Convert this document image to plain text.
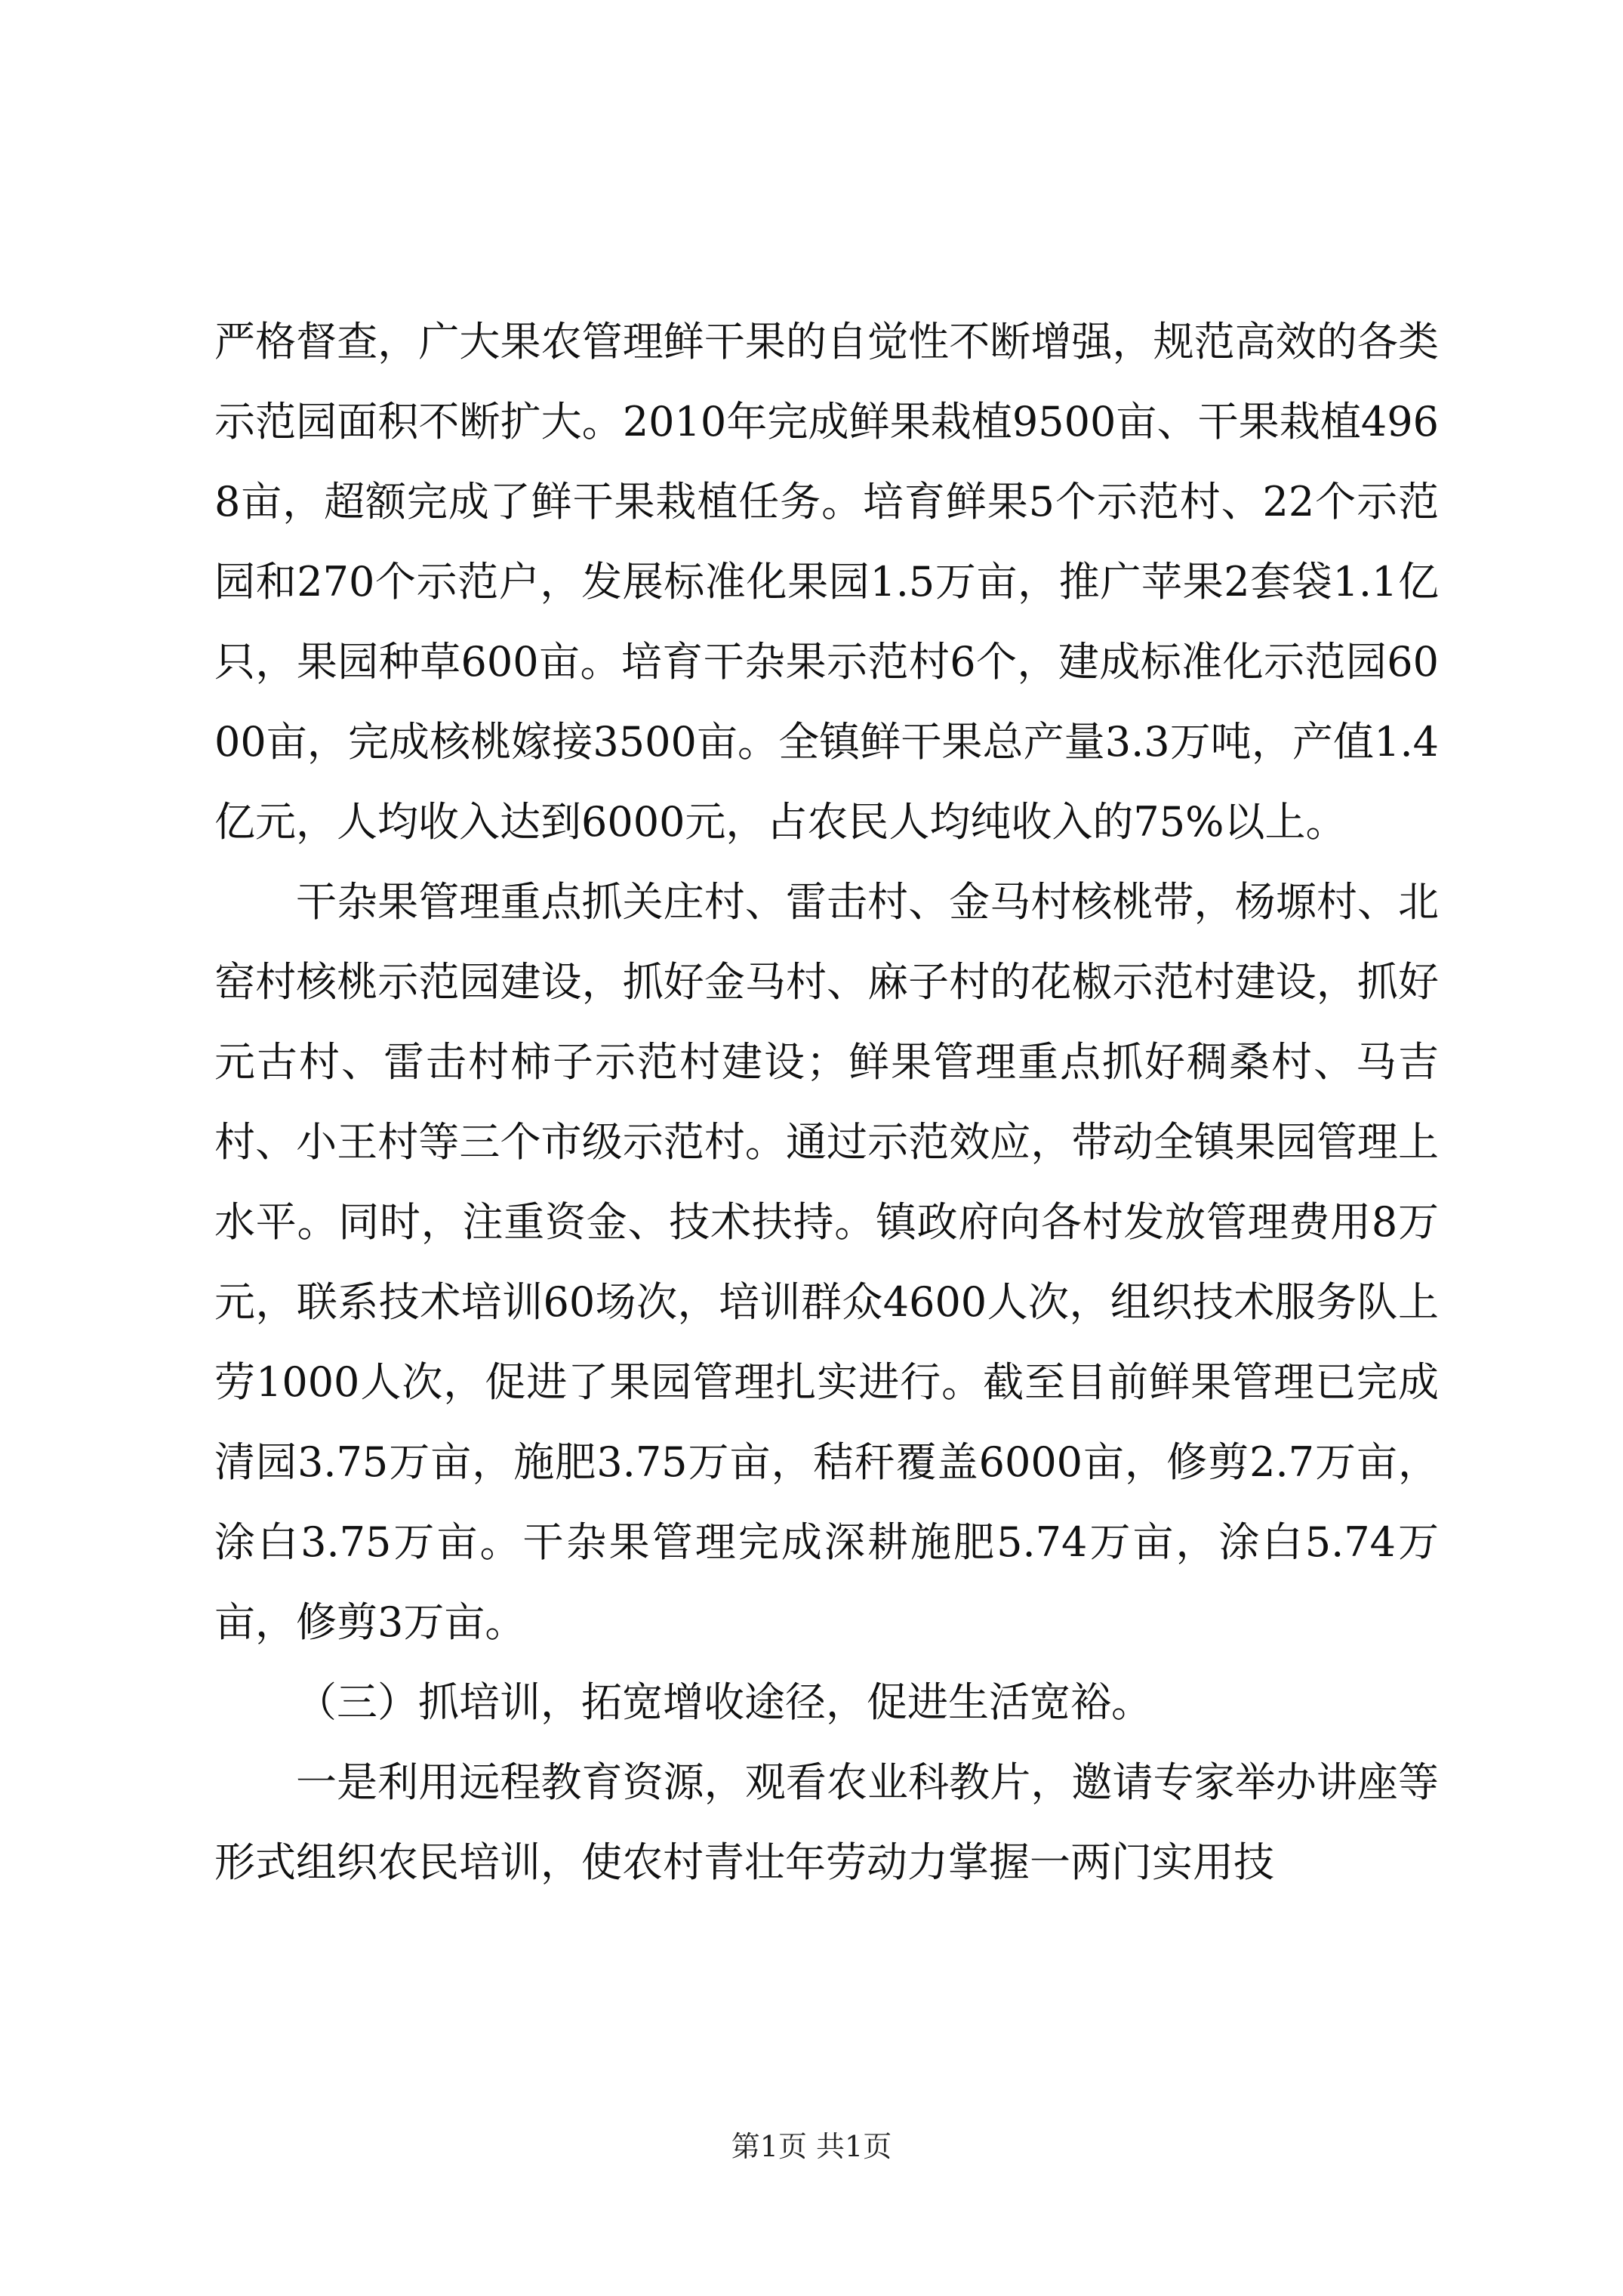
严格督查，广大果农管理鲜干果的自觉性不断增强，规范高效的各类示范园面积不断扩大。2010年完成鲜果栽植9500亩、干果栽植4968亩，超额完成了鲜干果栽植任务。培育鲜果5个示范村、22个示范园和270个示范户，发展标准化果园1.5万亩，推广苹果2套袋1.1亿只，果园种草600亩。培育干杂果示范村6个，建成标准化示范园6000亩，完成核桃嫁接3500亩。全镇鲜干果总产量3.3万吨，产值1.4亿元，人均收入达到6000元，占农民人均纯收入的75%以上。

干杂果管理重点抓关庄村、雷击村、金马村核桃带，杨塬村、北窑村核桃示范园建设，抓好金马村、麻子村的花椒示范村建设，抓好元古村、雷击村柿子示范村建设；鲜果管理重点抓好稠桑村、马吉村、小王村等三个市级示范村。通过示范效应，带动全镇果园管理上水平。同时，注重资金、技术扶持。镇政府向各村发放管理费用8万元，联系技术培训60场次，培训群众4600人次，组织技术服务队上劳1000人次，促进了果园管理扎实进行。截至目前鲜果管理已完成清园3.75万亩，施肥3.75万亩，秸秆覆盖6000亩，修剪2.7万亩，涂白3.75万亩。干杂果管理完成深耕施肥5.74万亩，涂白5.74万亩，修剪3万亩。

（三）抓培训，拓宽增收途径，促进生活宽裕。

一是利用远程教育资源，观看农业科教片，邀请专家举办讲座等形式组织农民培训，使农村青壮年劳动力掌握一两门实用技

第1页 共1页
